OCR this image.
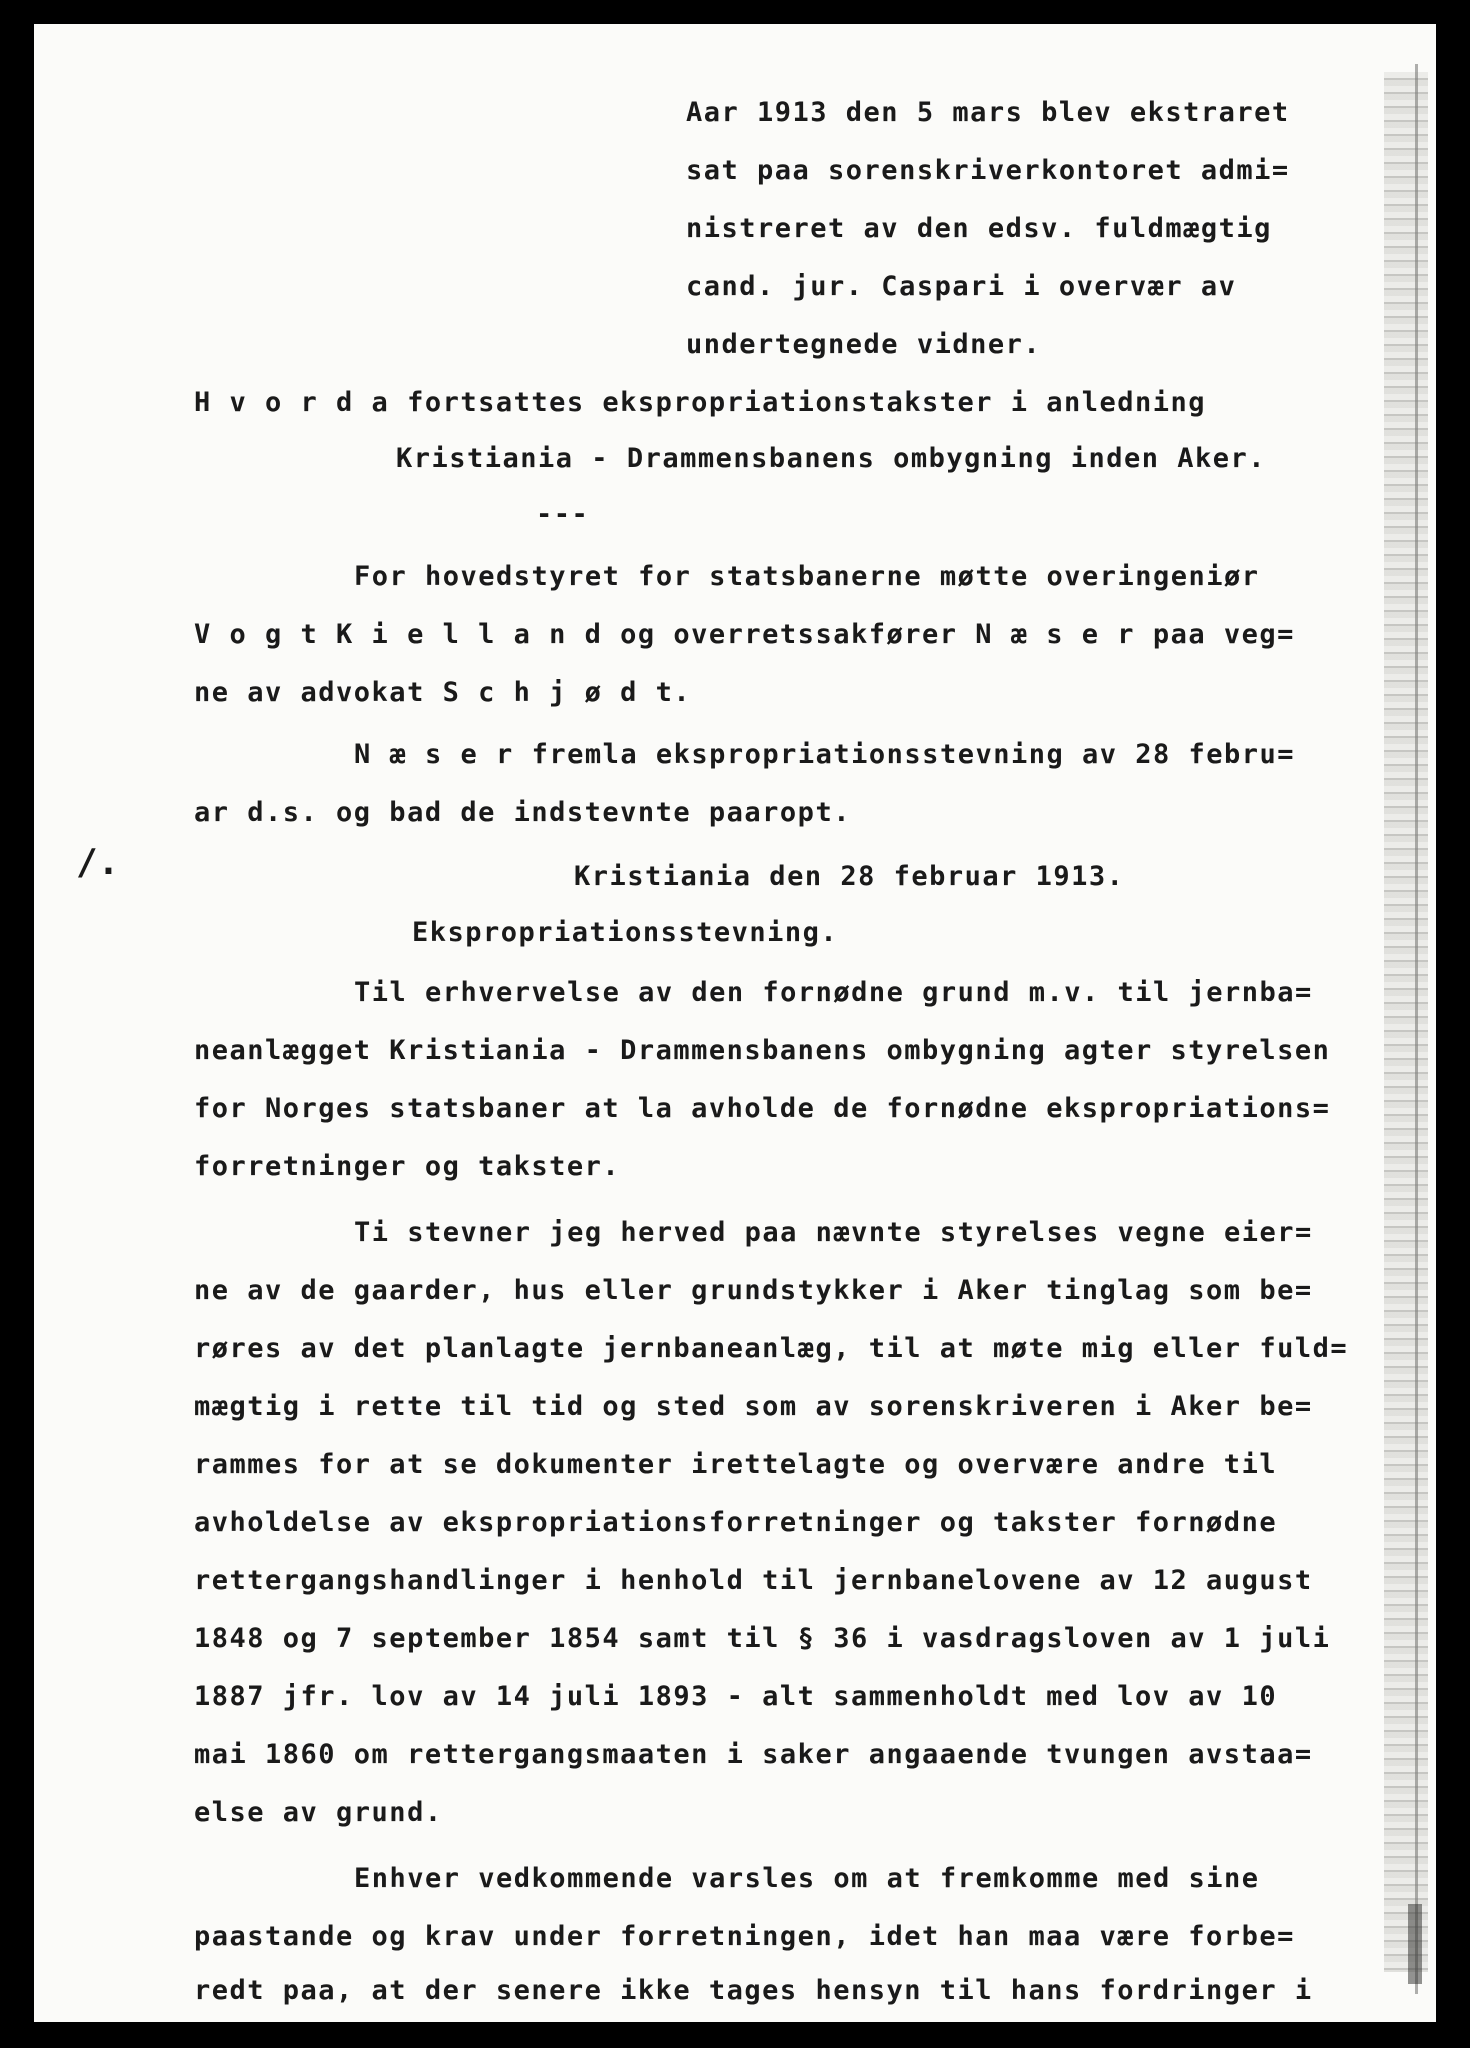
Aar 1913 den 5 mars blev ekstraret

sat paa sorenskriverkontoret admi=

nistreret av den edsv. fuldmægtig

cand. jur. Caspari i overvær av

undertegnede vidner.

H v o r d a fortsattes ekspropriationstakster i anledning

Kristiania - Drammensbanens ombygning inden Aker.

---

For hovedstyret for statsbanerne møtte overingeniør

V o g t K i e l l a n d og overretssakfører N æ s e r paa veg=

ne av advokat S c h j ø d t.

N æ s e r fremla ekspropriationsstevning av 28 febru=

ar d.s. og bad de indstevnte paaropt.

Kristiania den 28 februar 1913.

Ekspropriationsstevning.

Til erhvervelse av den fornødne grund m.v. til jernba=

neanlægget Kristiania - Drammensbanens ombygning agter styrelsen

for Norges statsbaner at la avholde de fornødne ekspropriations=

forretninger og takster.

Ti stevner jeg herved paa nævnte styrelses vegne eier=

ne av de gaarder, hus eller grundstykker i Aker tinglag som be=

røres av det planlagte jernbaneanlæg, til at møte mig eller fuld=

mægtig i rette til tid og sted som av sorenskriveren i Aker be=

rammes for at se dokumenter irettelagte og overvære andre til

avholdelse av ekspropriationsforretninger og takster fornødne

rettergangshandlinger i henhold til jernbanelovene av 12 august

1848 og 7 september 1854 samt til § 36 i vasdragsloven av 1 juli

1887 jfr. lov av 14 juli 1893 - alt sammenholdt med lov av 10

mai 1860 om rettergangsmaaten i saker angaaende tvungen avstaa=

else av grund.

Enhver vedkommende varsles om at fremkomme med sine

paastande og krav under forretningen, idet han maa være forbe=

redt paa, at der senere ikke tages hensyn til hans fordringer i

/.
